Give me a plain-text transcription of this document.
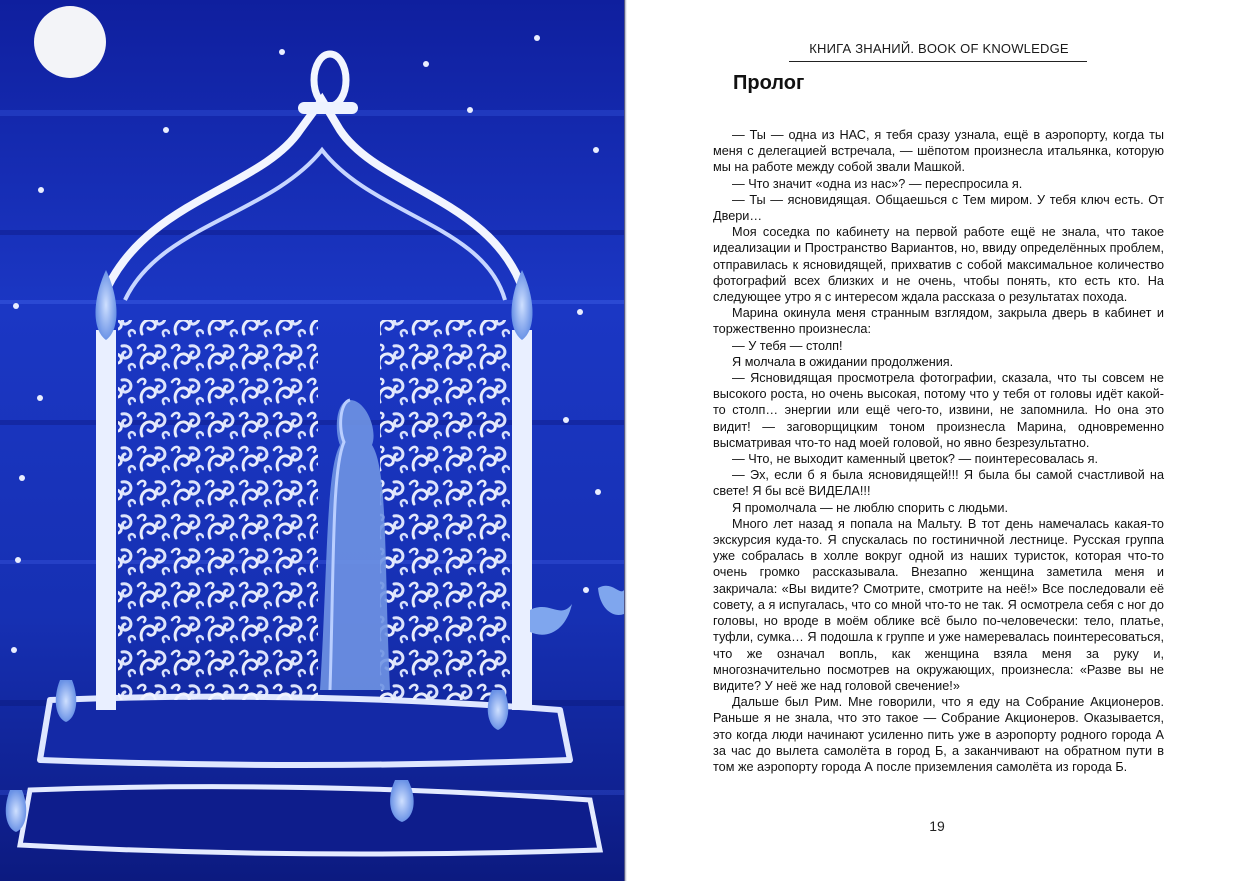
КНИГА ЗНАНИЙ. BOOK OF KNOWLEDGE
Пролог

— Ты — одна из НАС, я тебя сразу узнала, ещё в аэропорту, когда ты меня с делегацией встречала, — шёпотом произнесла итальянка, которую мы на работе между собой звали Машкой.

— Что значит «одна из нас»? — переспросила я.

— Ты — ясновидящая. Общаешься с Тем миром. У тебя ключ есть. От Двери…

Моя соседка по кабинету на первой работе ещё не знала, что такое идеализации и Пространство Вариантов, но, ввиду определённых проблем, отправилась к ясновидящей, прихватив с собой максимальное количество фотографий всех близких и не очень, чтобы понять, кто есть кто. На следующее утро я с интересом ждала рассказа о результатах похода.

Марина окинула меня странным взглядом, закрыла дверь в кабинет и торжественно произнесла:

— У тебя — столп!

Я молчала в ожидании продолжения.

— Ясновидящая просмотрела фотографии, сказала, что ты совсем не высокого роста, но очень высокая, потому что у тебя от головы идёт какой-то столп… энергии или ещё чего-то, извини, не запомнила. Но она это видит! — заговорщицким тоном произнесла Марина, одновременно высматривая что-то над моей головой, но явно безрезультатно.

— Что, не выходит каменный цветок? — поинтересовалась я.

— Эх, если б я была ясновидящей!!! Я была бы самой счастливой на свете! Я бы всё ВИДЕЛА!!!

Я промолчала — не люблю спорить с людьми.

Много лет назад я попала на Мальту. В тот день намечалась какая-то экскурсия куда-то. Я спускалась по гостиничной лестнице. Русская группа уже собралась в холле вокруг одной из наших туристок, которая что-то очень громко рассказывала. Внезапно женщина заметила меня и закричала: «Вы видите? Смотрите, смотрите на неё!» Все последовали её совету, а я испугалась, что со мной что-то не так. Я осмотрела себя с ног до головы, но вроде в моём облике всё было по-человечески: тело, платье, туфли, сумка… Я подошла к группе и уже намеревалась поинтересоваться, что же означал вопль, как женщина взяла меня за руку и, многозначительно посмотрев на окружающих, произнесла: «Разве вы не видите? У неё же над головой свечение!»

Дальше был Рим. Мне говорили, что я еду на Собрание Акционеров. Раньше я не знала, что это такое — Собрание Акционеров. Оказывается, это когда люди начинают усиленно пить уже в аэропорту родного города А за час до вылета самолёта в город Б, а заканчивают на обратном пути в том же аэропорту города А после приземления самолёта из города Б.

19
